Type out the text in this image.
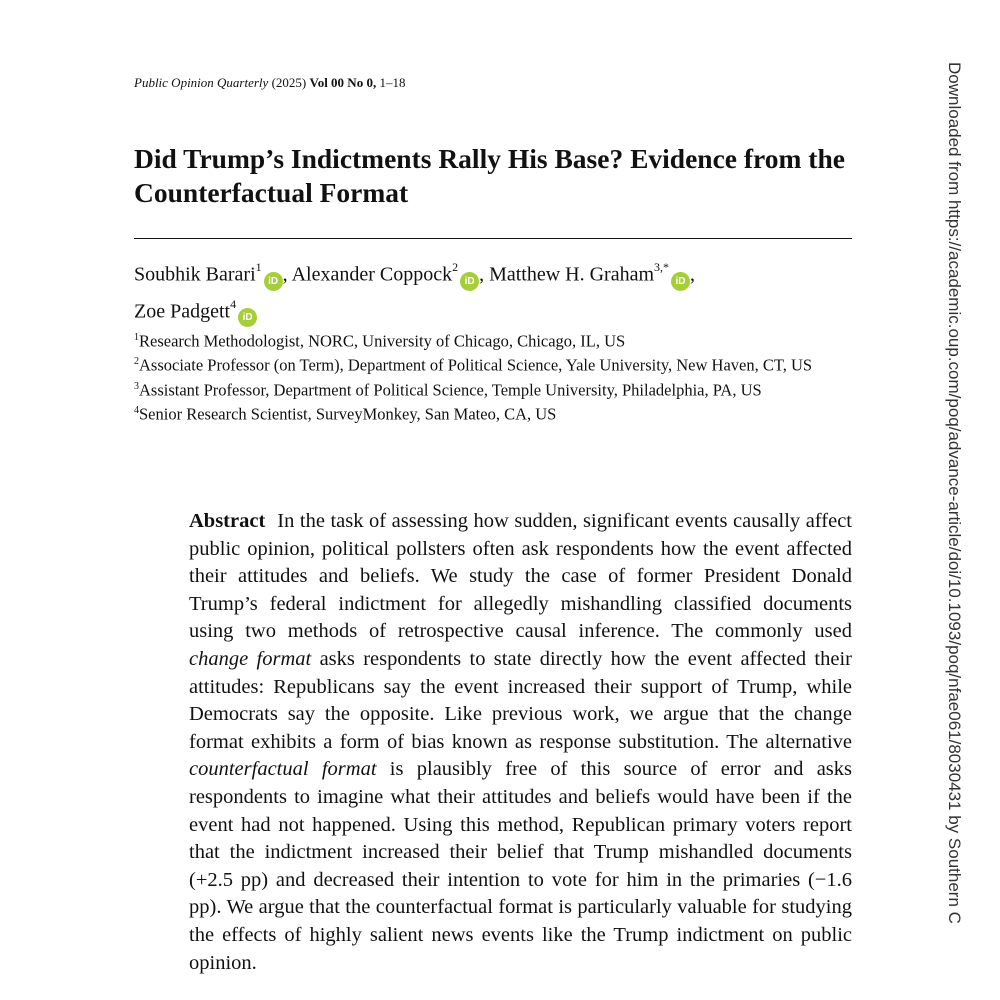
Public Opinion Quarterly (2025) Vol 00 No 0, 1–18
Did Trump’s Indictments Rally His Base? Evidence from the Counterfactual Format
Soubhik Barari$^1$iD , Alexander Coppock$^2$iD , Matthew H. Graham$^{3,*}$iD ,
Zoe Padgett$^4$iD
$^1$Research Methodologist, NORC, University of Chicago, Chicago, IL, US
$^2$Associate Professor (on Term), Department of Political Science, Yale University, New Haven, CT, US
$^3$Assistant Professor, Department of Political Science, Temple University, Philadelphia, PA, US
$^4$Senior Research Scientist, SurveyMonkey, San Mateo, CA, US

Abstract In the task of assessing how sudden, significant events causally affect public opinion, political pollsters often ask respondents how the event affected their attitudes and beliefs. We study the case of former President Donald Trump’s federal indictment for allegedly mishandling classified documents using two methods of retrospective causal inference. The commonly used change format asks respondents to state directly how the event affected their attitudes: Republicans say the event increased their support of Trump, while Democrats say the opposite. Like previous work, we argue that the change format exhibits a form of bias known as response substitution. The alternative counterfactual format is plausibly free of this source of error and asks respondents to imagine what their attitudes and beliefs would have been if the event had not happened. Using this method, Republican primary voters report that the indictment increased their belief that Trump mishandled documents (+2.5 pp) and decreased their intention to vote for him in the primaries (−1.6 pp). We argue that the counterfactual format is particularly valuable for studying the effects of highly salient news events like the Trump indictment on public opinion.

Downloaded from https://academic.oup.com/poq/advance-article/doi/10.1093/poq/nfae061/8030431 by Southern C
